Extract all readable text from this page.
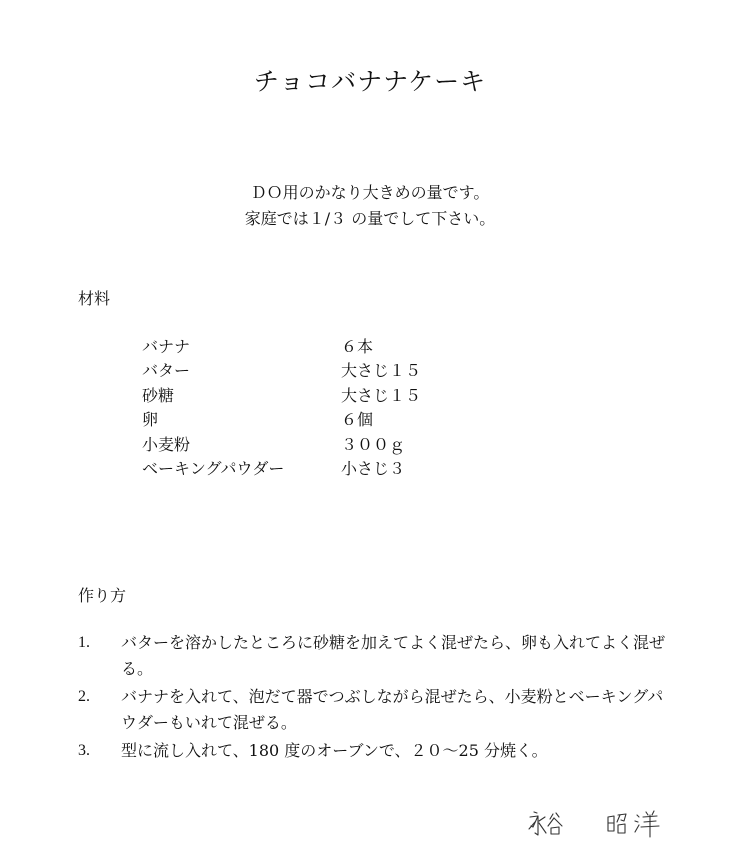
チョコバナナケーキ
ＤＯ用のかなり大きめの量です。
家庭では１/３ の量でして下さい。
材料
バナナ	６本
バター	大さじ１５
砂糖	大さじ１５
卵	６個
小麦粉	３００ｇ
ベーキングパウダー	小さじ３
作り方
1.	バターを溶かしたところに砂糖を加えてよく混ぜたら、卵も入れてよく混ぜる。
2.	バナナを入れて、泡だて器でつぶしながら混ぜたら、小麦粉とベーキングパウダーもいれて混ぜる。
3.	型に流し入れて、180 度のオーブンで、２０〜25 分焼く。
